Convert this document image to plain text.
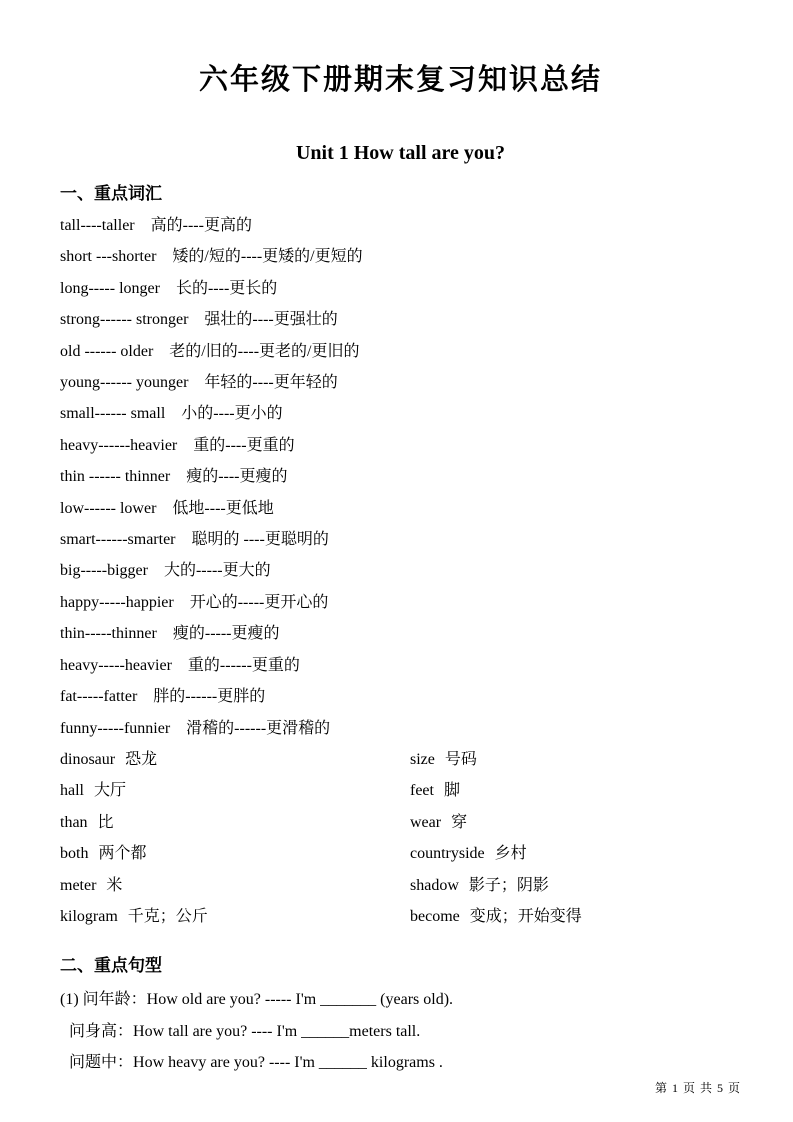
六年级下册期末复习知识总结
Unit 1 How tall are you?
一、重点词汇
tall----taller 高的----更高的
short ---shorter 矮的/短的----更矮的/更短的
long----- longer 长的----更长的
strong------ stronger 强壮的----更强壮的
old ------ older 老的/旧的----更老的/更旧的
young------ younger 年轻的----更年轻的
small------ small 小的----更小的
heavy------heavier 重的----更重的
thin ------ thinner 瘦的----更瘦的
low------ lower 低地----更低地
smart------smarter 聪明的 ----更聪明的
big-----bigger 大的-----更大的
happy-----happier 开心的-----更开心的
thin-----thinner 瘦的-----更瘦的
heavy-----heavier 重的------更重的
fat-----fatter 胖的------更胖的
funny-----funnier 滑稽的------更滑稽的
dinosaur 恐龙	size 号码
hall 大厅	feet 脚
than 比	wear 穿
both 两个都	countryside 乡村
meter 米	shadow 影子；阴影
kilogram 千克；公斤	become 变成；开始变得
二、重点句型
(1) 问年龄：How old are you? ----- I'm _______ (years old).
问身高：How tall are you? ---- I'm ______meters tall.
问题中：How heavy are you? ---- I'm ______ kilograms .
第 1 页 共 5 页
